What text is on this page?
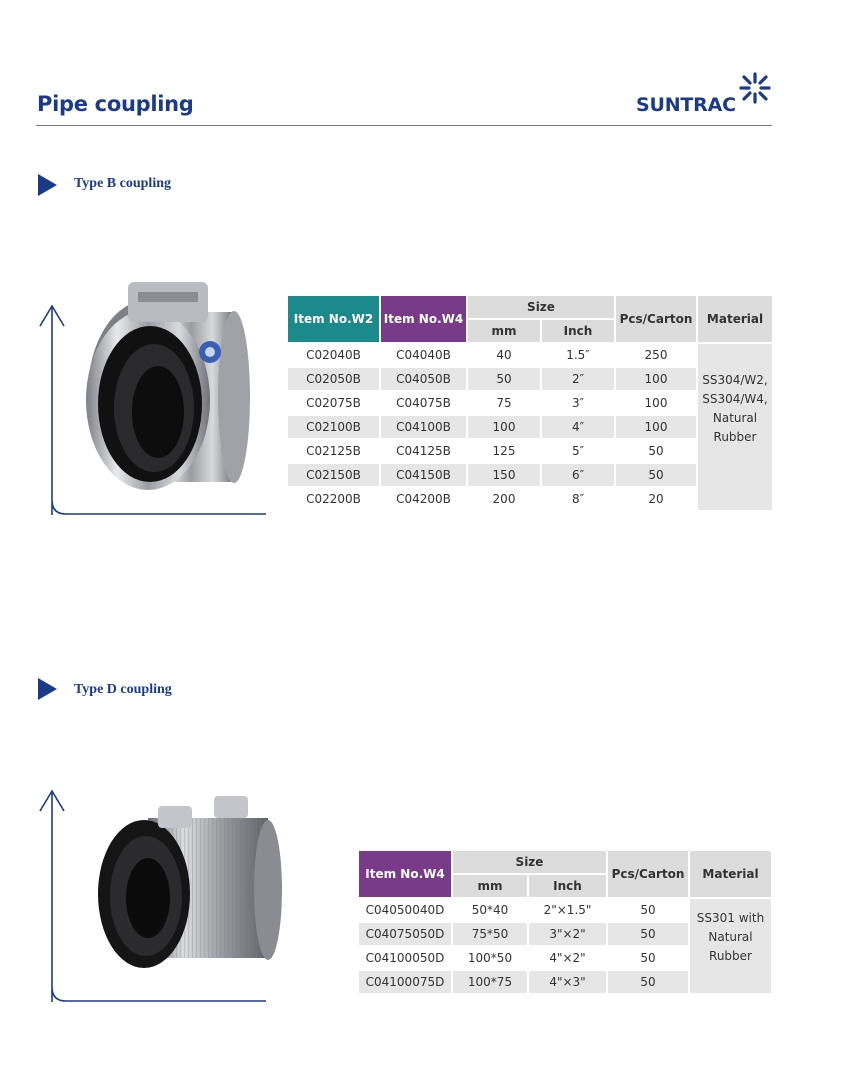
Pipe coupling	SUNTRAC
Type B coupling
Item No.W2	Item No.W4	Size		Pcs/Carton	Material
		mm	Inch		
C02040B	C04040B	40	1.5″	250	SS304/W2,
SS304/W4,
Natural
Rubber

C02050B	C04050B	50	2″	100	
C02075B	C04075B	75	3″	100	
C02100B	C04100B	100	4″	100	
C02125B	C04125B	125	5″	50	
C02150B	C04150B	150	6″	50	
C02200B	C04200B	200	8″	20	
Type D coupling
Item No.W4	Size		Pcs/Carton	Material
	mm	Inch		
C04050040D	50*40	2"×1.5"	50	SS301 with
Natural
Rubber

C04075050D	75*50	3"×2"	50	
C04100050D	100*50	4"×2"	50	
C04100075D	100*75	4"×3"	50	
